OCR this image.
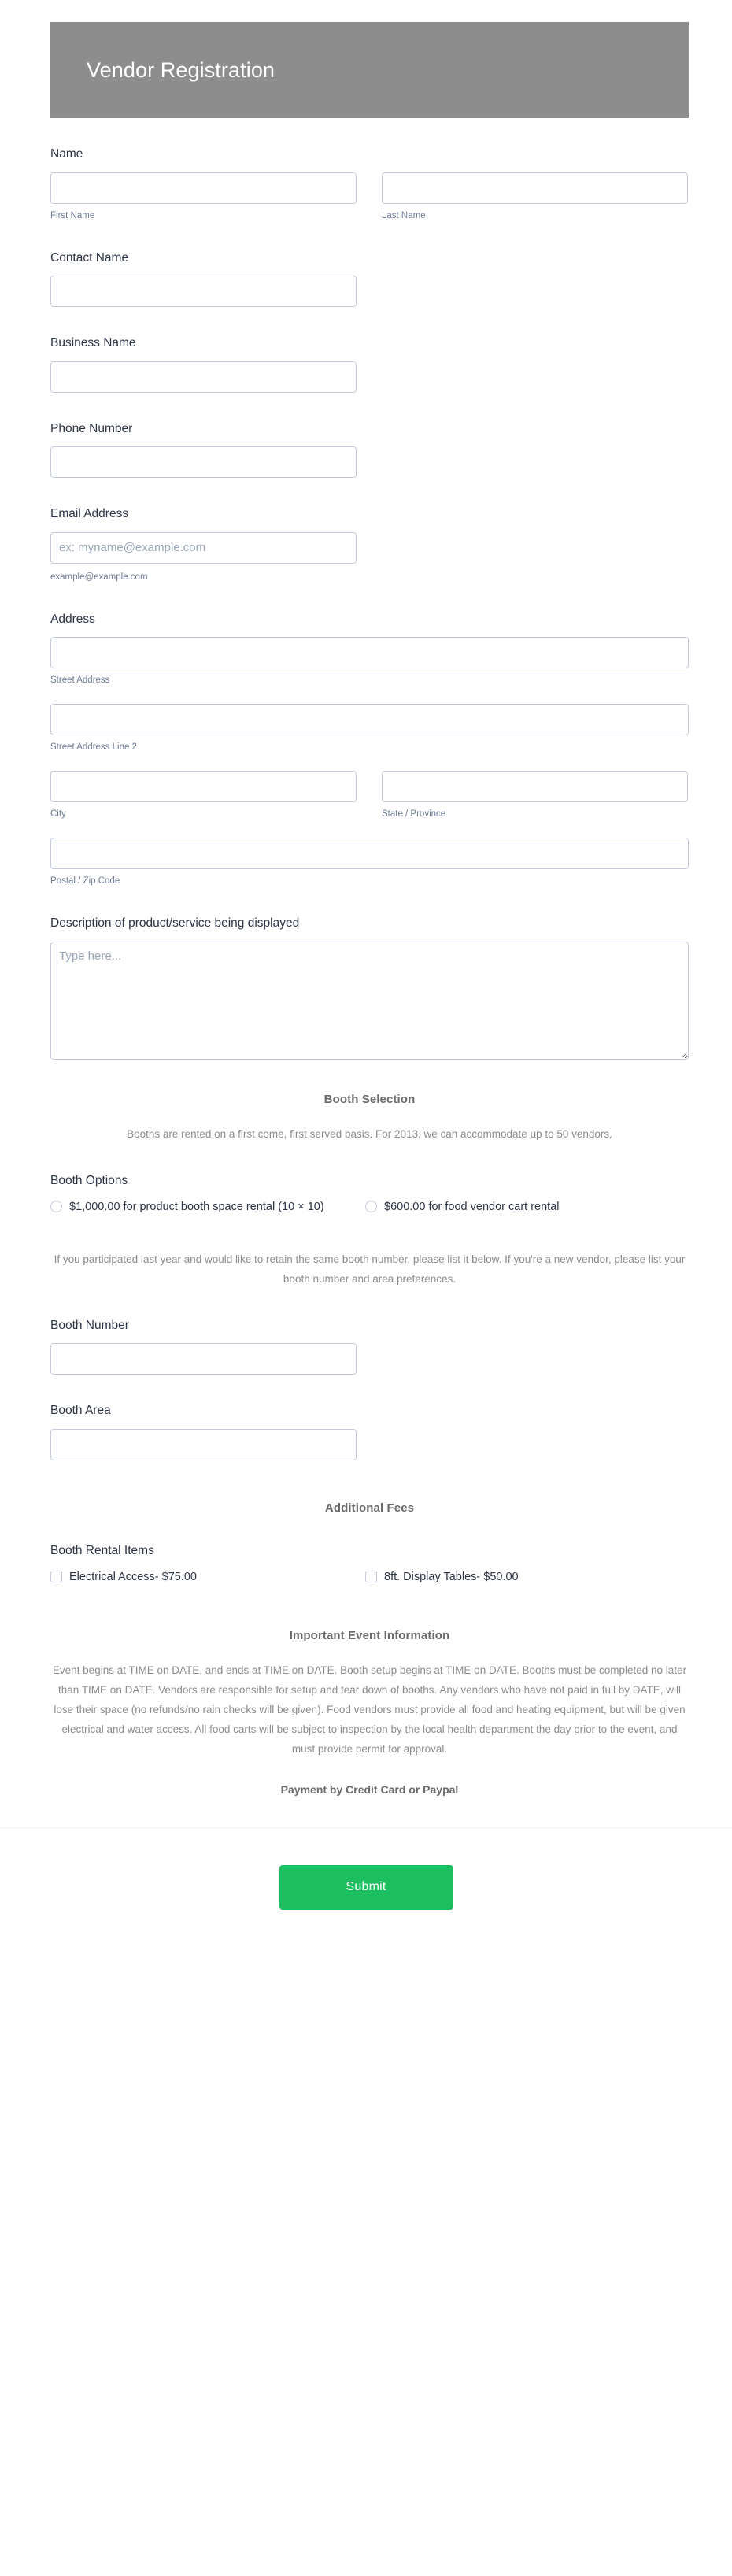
Vendor Registration
Name
First Name	Last Name
Contact Name
Business Name
Phone Number
Email Address
ex: myname@example.com
example@example.com
Address
Street Address
Street Address Line 2
City	State / Province
Postal / Zip Code
Description of product/service being displayed
Type here...
Booth Selection
Booths are rented on a first come, first served basis. For 2013, we can accommodate up to 50 vendors.
Booth Options
$1,000.00 for product booth space rental (10 × 10)	$600.00 for food vendor cart rental
If you participated last year and would like to retain the same booth number, please list it below. If you're a new vendor, please list your booth number and area preferences.
Booth Number
Booth Area
Additional Fees
Booth Rental Items
Electrical Access- $75.00	8ft. Display Tables- $50.00
Important Event Information
Event begins at TIME on DATE, and ends at TIME on DATE. Booth setup begins at TIME on DATE. Booths must be completed no later than TIME on DATE. Vendors are responsible for setup and tear down of booths. Any vendors who have not paid in full by DATE, will lose their space (no refunds/no rain checks will be given). Food vendors must provide all food and heating equipment, but will be given electrical and water access. All food carts will be subject to inspection by the local health department the day prior to the event, and must provide permit for approval.
Payment by Credit Card or Paypal
Submit
